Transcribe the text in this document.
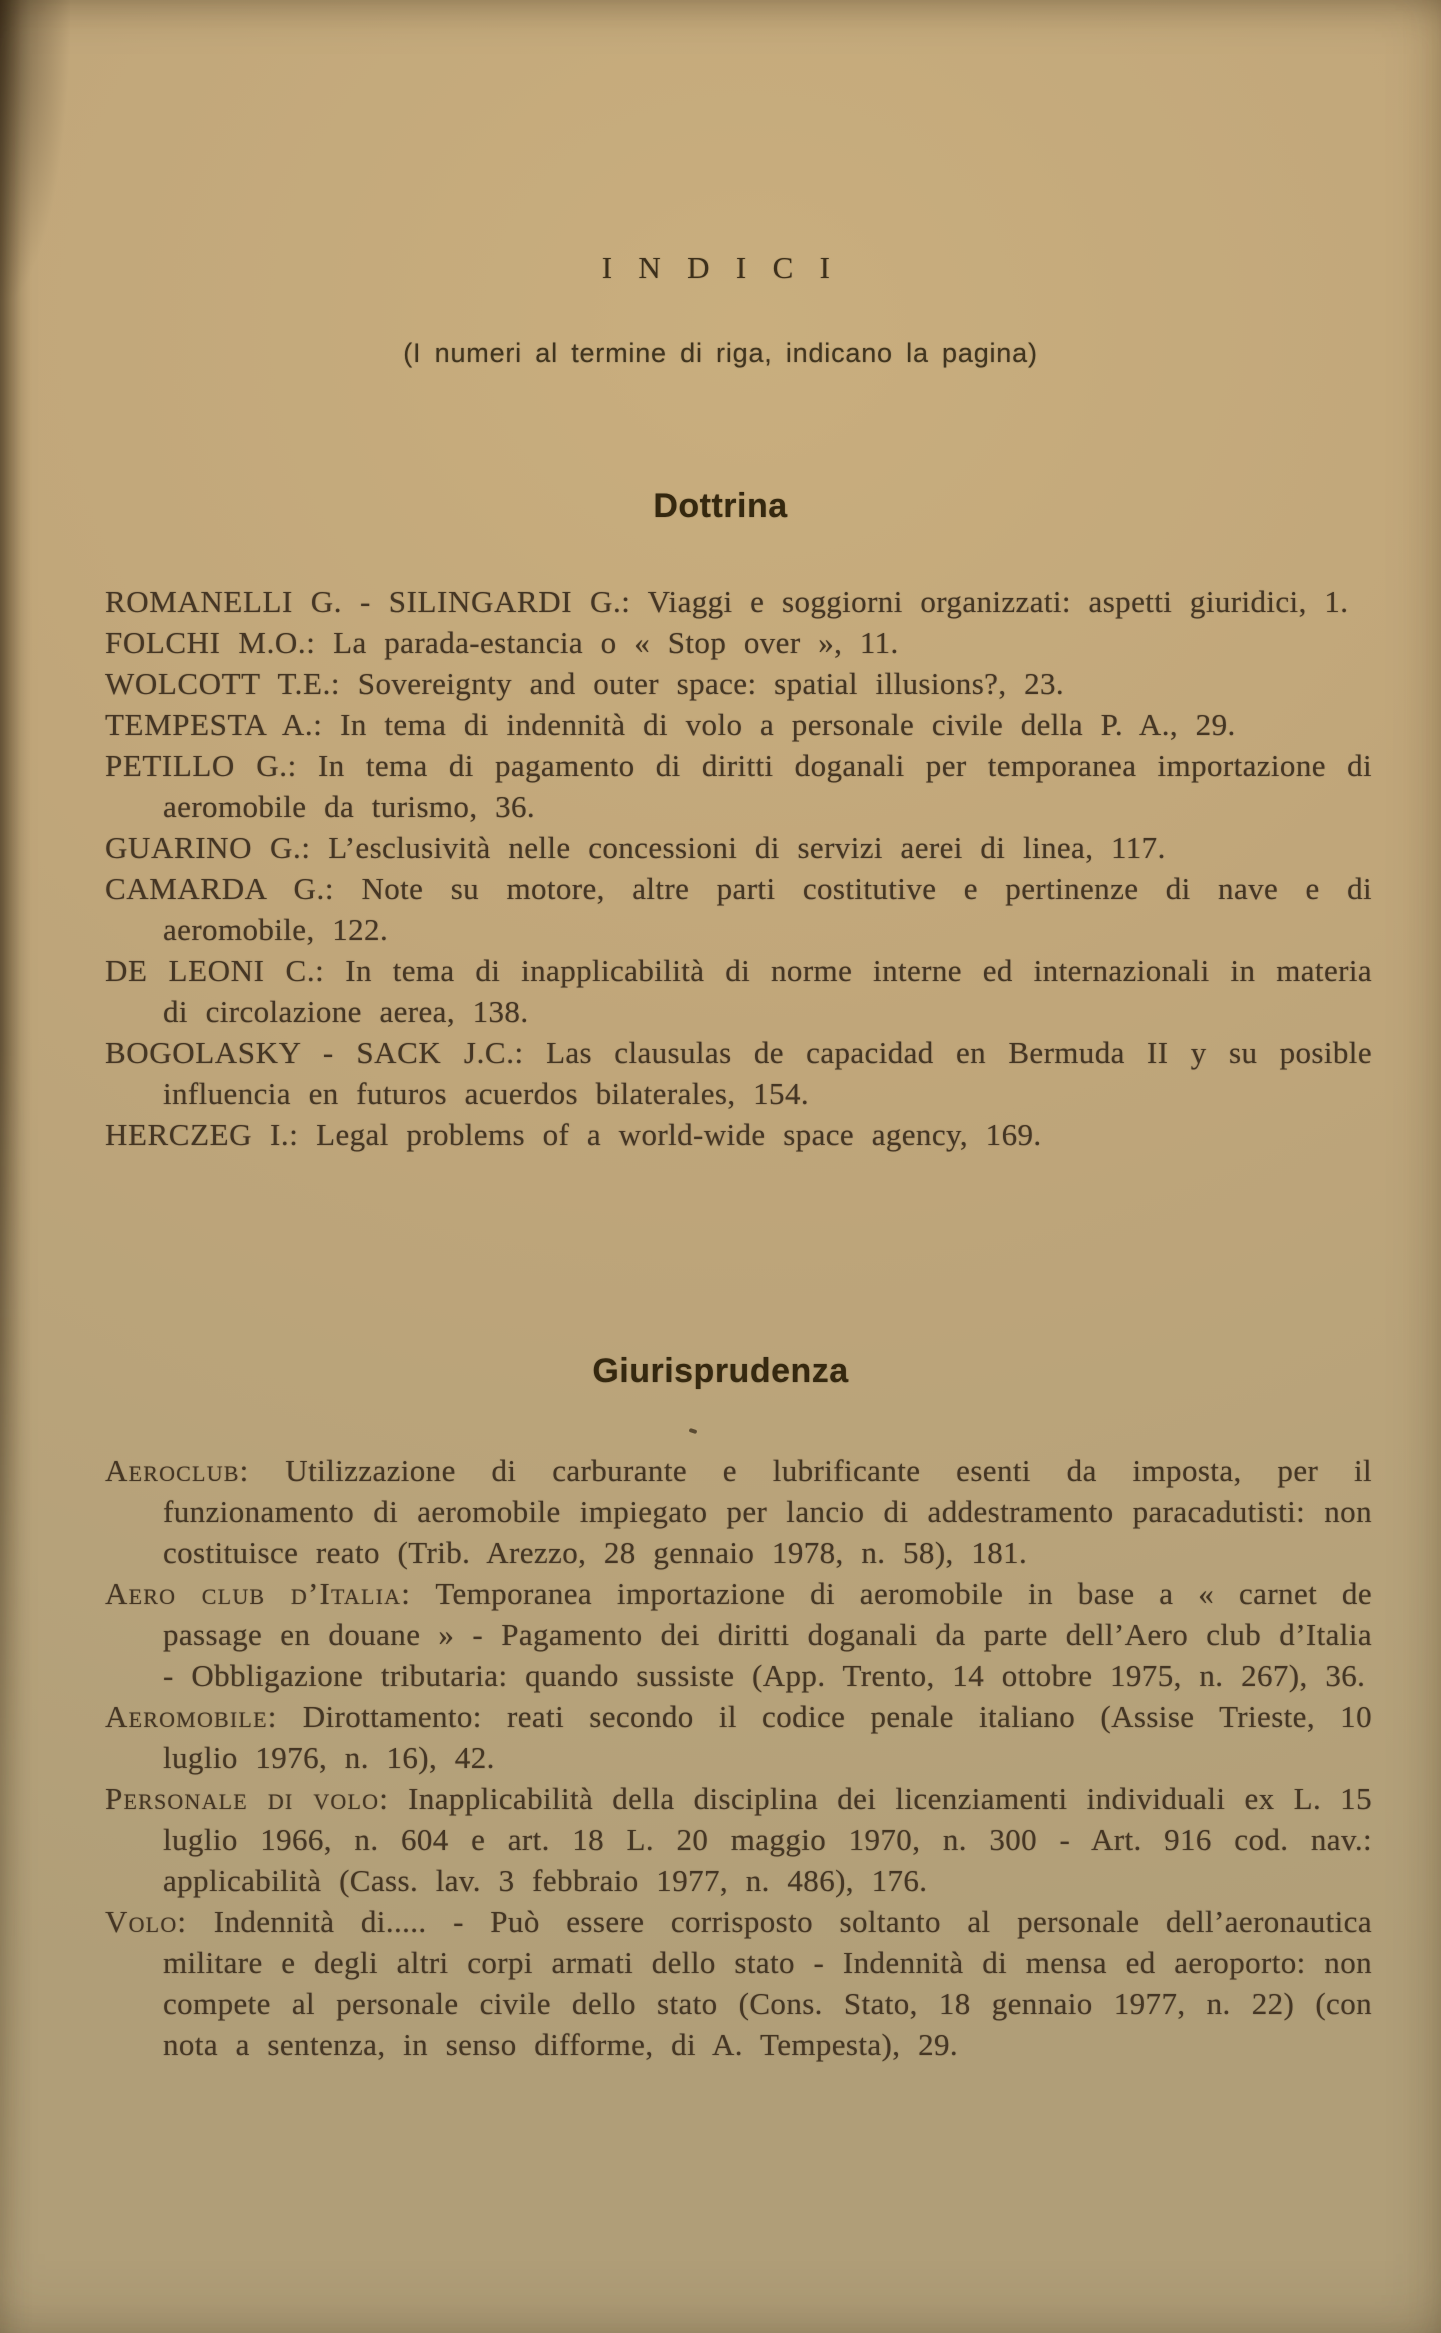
I N D I C I
(I numeri al termine di riga, indicano la pagina)
Dottrina

ROMANELLI G. - SILINGARDI G.: Viaggi e soggiorni organizzati: aspetti giuridici, 1.

FOLCHI M.O.: La parada-estancia o « Stop over », 11.

WOLCOTT T.E.: Sovereignty and outer space: spatial illusions?, 23.

TEMPESTA A.: In tema di indennità di volo a personale civile della P. A., 29.

PETILLO G.: In tema di pagamento di diritti doganali per temporanea importazione di aeromobile da turismo, 36.

GUARINO G.: L’esclusività nelle concessioni di servizi aerei di linea, 117.

CAMARDA G.: Note su motore, altre parti costitutive e pertinenze di nave e di aeromobile, 122.

DE LEONI C.: In tema di inapplicabilità di norme interne ed internazionali in materia di circolazione aerea, 138.

BOGOLASKY - SACK J.C.: Las clausulas de capacidad en Bermuda II y su posible influencia en futuros acuerdos bilaterales, 154.

HERCZEG I.: Legal problems of a world-wide space agency, 169.

Giurisprudenza

Aeroclub: Utilizzazione di carburante e lubrificante esenti da imposta, per il funzionamento di aeromobile impiegato per lancio di addestramento paracadutisti: non costituisce reato (Trib. Arezzo, 28 gennaio 1978, n. 58), 181.

Aero club d’Italia: Temporanea importazione di aeromobile in base a « carnet de passage en douane » - Pagamento dei diritti doganali da parte dell’Aero club d’Italia - Obbligazione tributaria: quando sussiste (App. Trento, 14 ottobre 1975, n. 267), 36.

Aeromobile: Dirottamento: reati secondo il codice penale italiano (Assise Trieste, 10 luglio 1976, n. 16), 42.

Personale di volo: Inapplicabilità della disciplina dei licenziamenti individuali ex L. 15 luglio 1966, n. 604 e art. 18 L. 20 maggio 1970, n. 300 - Art. 916 cod. nav.: applicabilità (Cass. lav. 3 febbraio 1977, n. 486), 176.

Volo: Indennità di..... - Può essere corrisposto soltanto al personale dell’aeronautica militare e degli altri corpi armati dello stato - Indennità di mensa ed aeroporto: non compete al personale civile dello stato (Cons. Stato, 18 gennaio 1977, n. 22) (con nota a sentenza, in senso difforme, di A. Tempesta), 29.
